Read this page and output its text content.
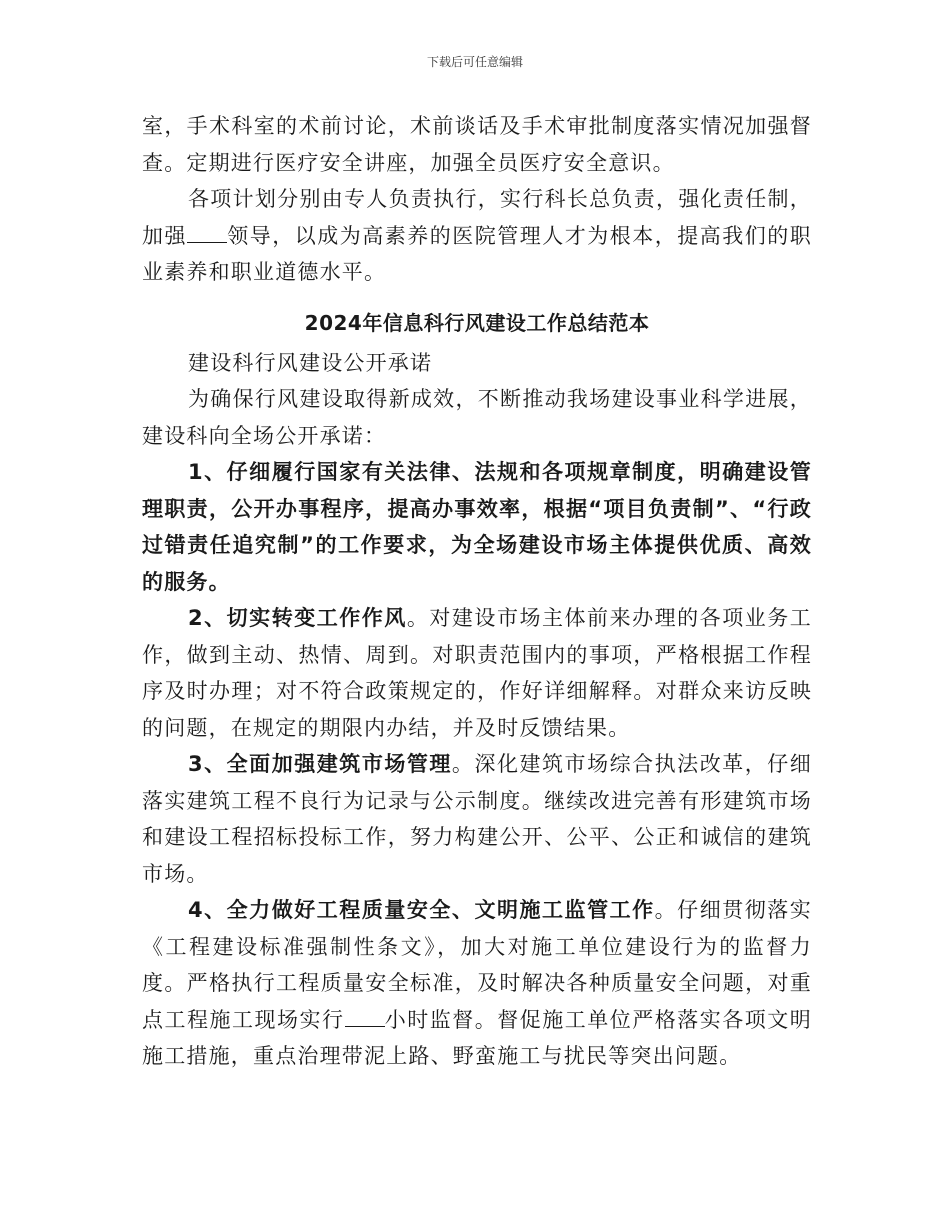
下载后可任意编辑

室，手术科室的术前讨论，术前谈话及手术审批制度落实情况加强督查。定期进行医疗安全讲座，加强全员医疗安全意识。

各项计划分别由专人负责执行，实行科长总负责，强化责任制，加强 领导，以成为高素养的医院管理人才为根本，提高我们的职业素养和职业道德水平。

2024年信息科行风建设工作总结范本

建设科行风建设公开承诺

为确保行风建设取得新成效，不断推动我场建设事业科学进展，建设科向全场公开承诺：

1、仔细履行国家有关法律、法规和各项规章制度，明确建设管理职责，公开办事程序，提高办事效率，根据“项目负责制”、“行政过错责任追究制”的工作要求，为全场建设市场主体提供优质、高效的服务。

2、切实转变工作作风。对建设市场主体前来办理的各项业务工作，做到主动、热情、周到。对职责范围内的事项，严格根据工作程序及时办理；对不符合政策规定的，作好详细解释。对群众来访反映的问题，在规定的期限内办结，并及时反馈结果。

3、全面加强建筑市场管理。深化建筑市场综合执法改革，仔细落实建筑工程不良行为记录与公示制度。继续改进完善有形建筑市场和建设工程招标投标工作，努力构建公开、公平、公正和诚信的建筑市场。

4、全力做好工程质量安全、文明施工监管工作。仔细贯彻落实《工程建设标准强制性条文》，加大对施工单位建设行为的监督力度。严格执行工程质量安全标准，及时解决各种质量安全问题，对重点工程施工现场实行 小时监督。督促施工单位严格落实各项文明施工措施，重点治理带泥上路、野蛮施工与扰民等突出问题。
